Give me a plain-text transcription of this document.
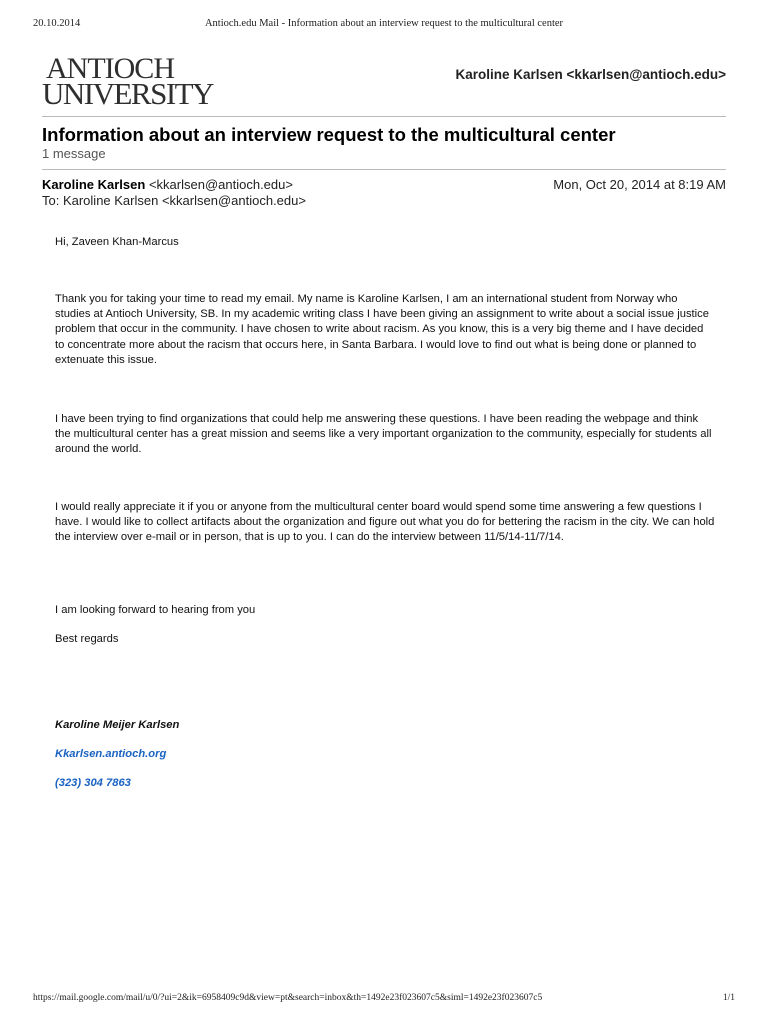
20.10.2014	Antioch.edu Mail - Information about an interview request to the multicultural center
ANTIOCH
UNIVERSITY
Karoline Karlsen <kkarlsen@antioch.edu>
Information about an interview request to the multicultural center
1 message
Karoline Karlsen <kkarlsen@antioch.edu>	Mon, Oct 20, 2014 at 8:19 AM
To: Karoline Karlsen <kkarlsen@antioch.edu>
Hi, Zaveen Khan-Marcus
Thank you for taking your time to read my email. My name is Karoline Karlsen, I am an international student from Norway who studies at Antioch University, SB. In my academic writing class I have been giving an assignment to write about a social issue justice problem that occur in the community. I have chosen to write about racism. As you know, this is a very big theme and I have decided to concentrate more about the racism that occurs here, in Santa Barbara. I would love to find out what is being done or planned to extenuate this issue.
I have been trying to find organizations that could help me answering these questions. I have been reading the webpage and think the multicultural center has a great mission and seems like a very important organization to the community, especially for students all around the world.
I would really appreciate it if you or anyone from the multicultural center board would spend some time answering a few questions I have. I would like to collect artifacts about the organization and figure out what you do for bettering the racism in the city. We can hold the interview over e-mail or in person, that is up to you. I can do the interview between 11/5/14-11/7/14.
I am looking forward to hearing from you
Best regards
Karoline Meijer Karlsen
Kkarlsen.antioch.org
(323) 304 7863
https://mail.google.com/mail/u/0/?ui=2&ik=6958409c9d&view=pt&search=inbox&th=1492e23f023607c5&siml=1492e23f023607c5	1/1
